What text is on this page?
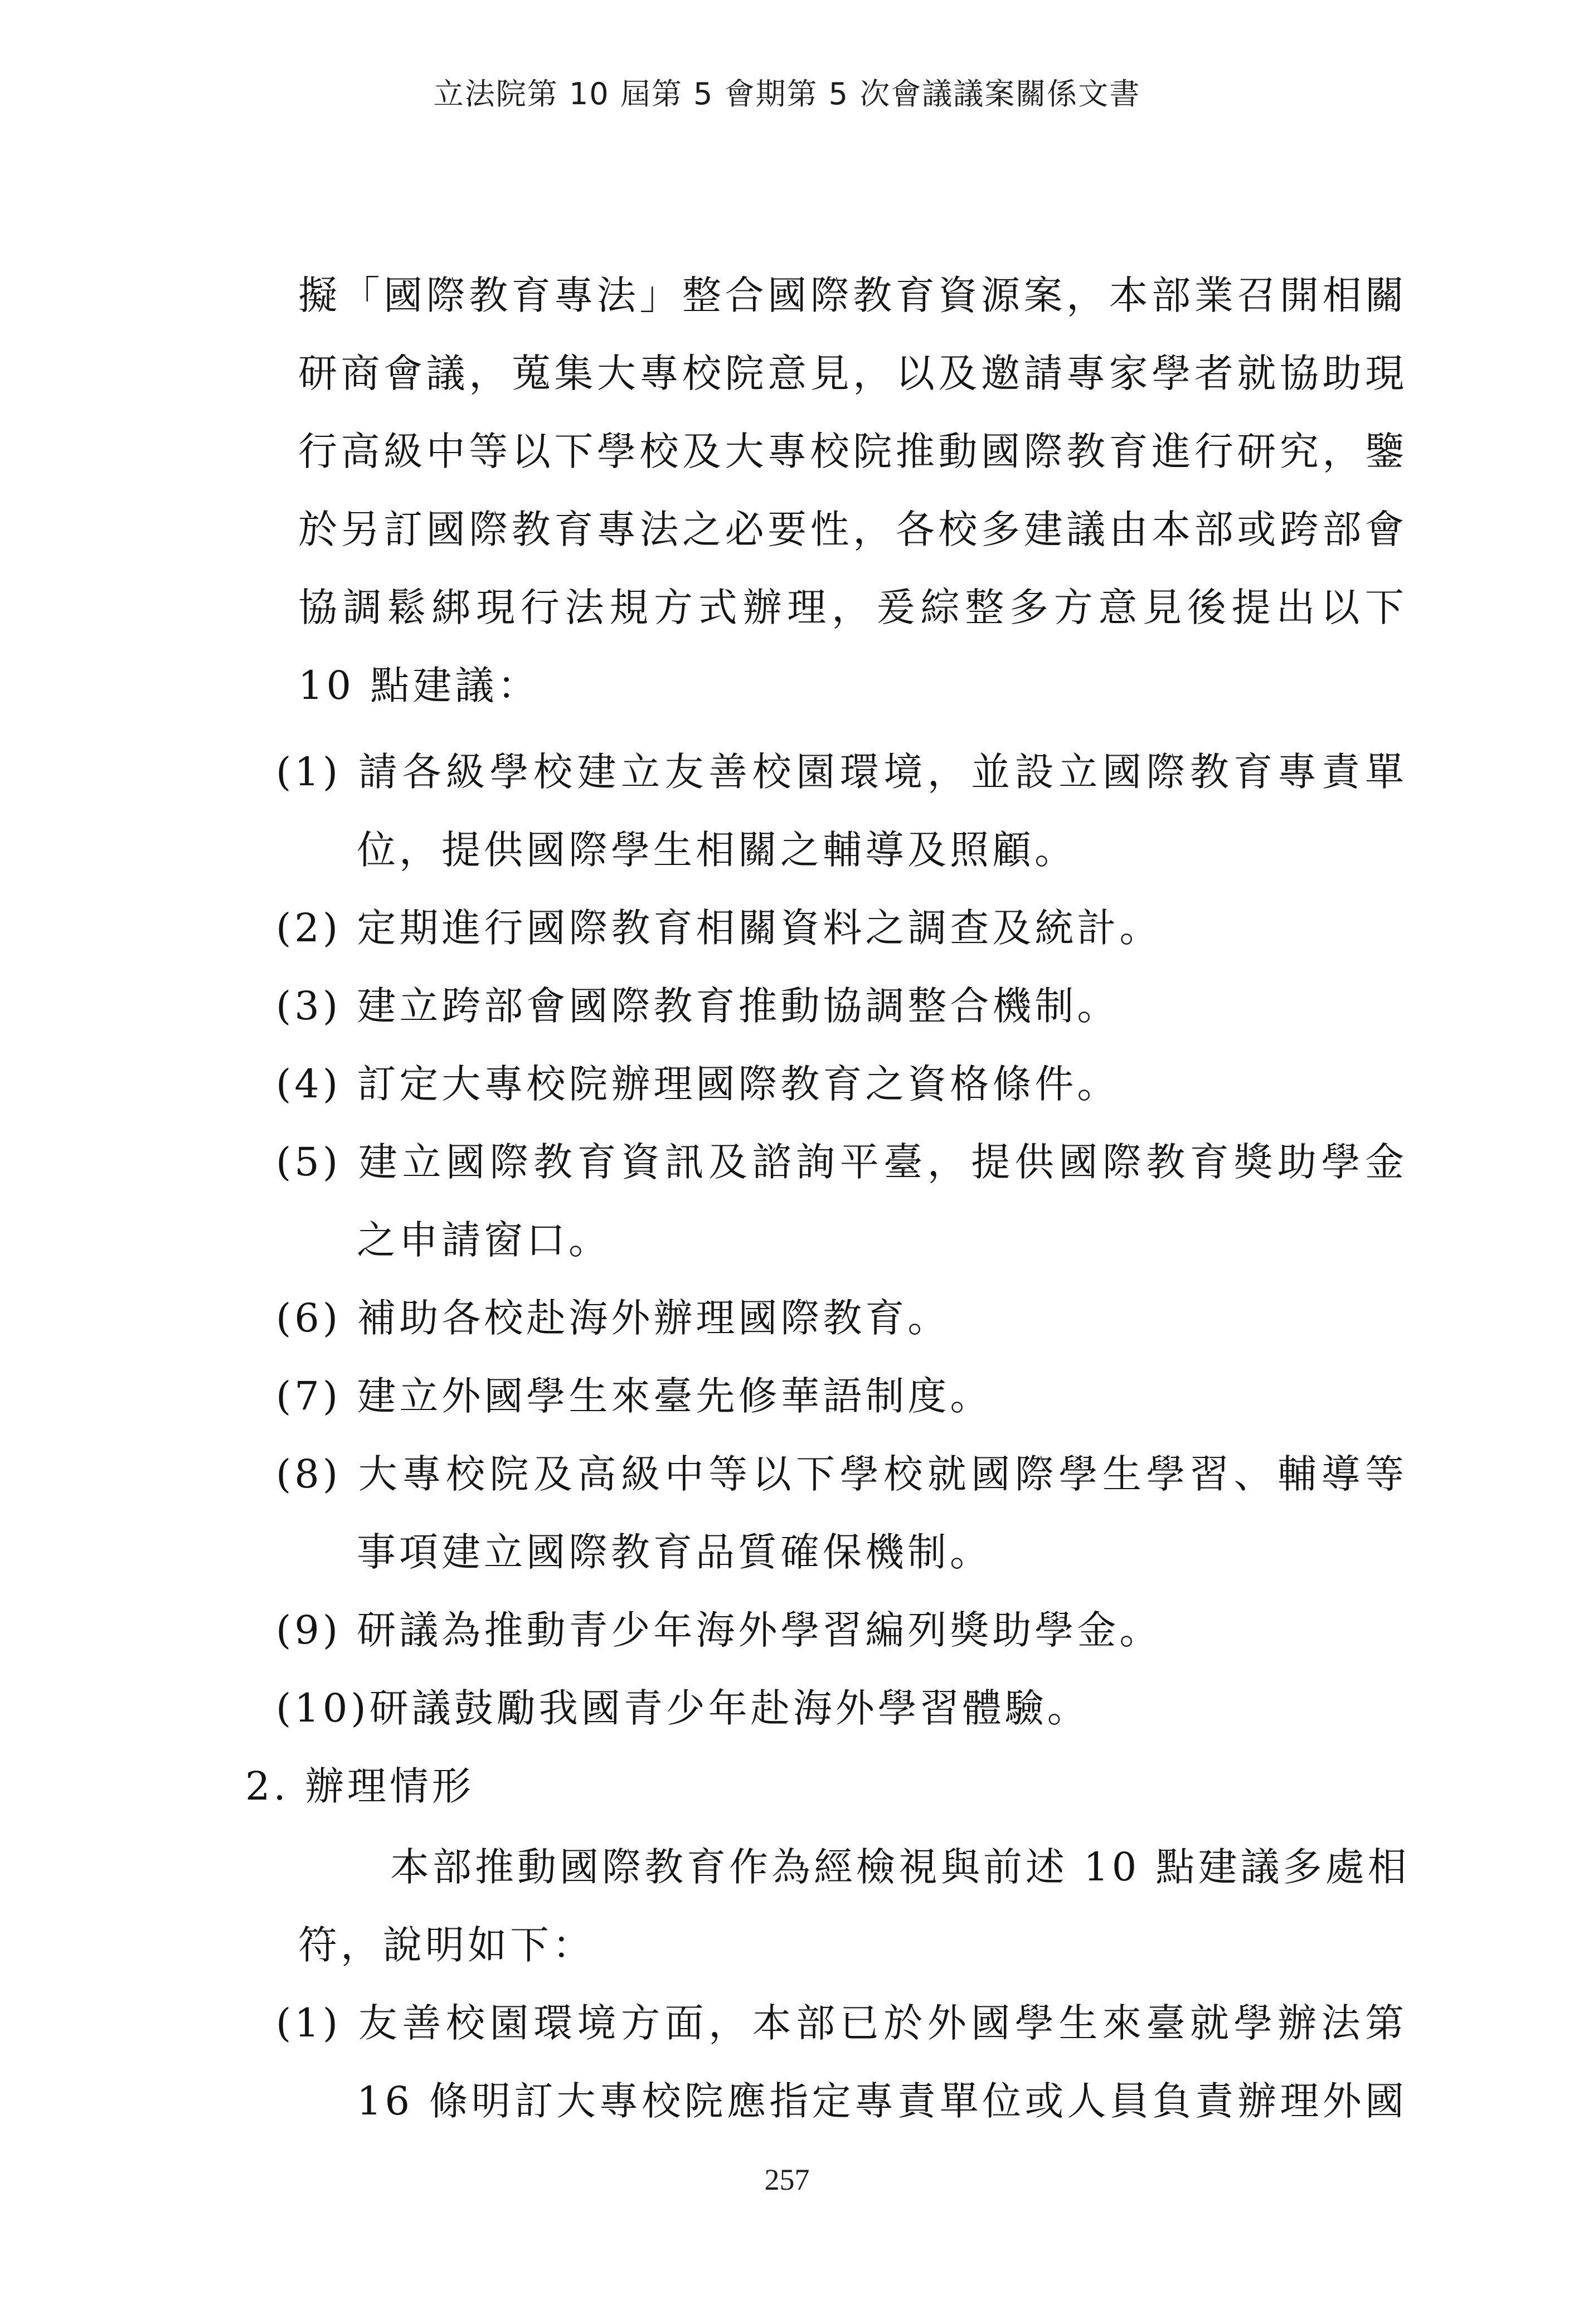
立法院第 10 屆第 5 會期第 5 次會議議案關係文書
擬「國際教育專法」整合國際教育資源案，本部業召開相關
研商會議，蒐集大專校院意見，以及邀請專家學者就協助現
行高級中等以下學校及大專校院推動國際教育進行研究，鑒
於另訂國際教育專法之必要性，各校多建議由本部或跨部會
協調鬆綁現行法規方式辦理，爰綜整多方意見後提出以下
10 點建議：
(1) 請各級學校建立友善校園環境，並設立國際教育專責單
位，提供國際學生相關之輔導及照顧。
(2) 定期進行國際教育相關資料之調查及統計。
(3) 建立跨部會國際教育推動協調整合機制。
(4) 訂定大專校院辦理國際教育之資格條件。
(5) 建立國際教育資訊及諮詢平臺，提供國際教育獎助學金
之申請窗口。
(6) 補助各校赴海外辦理國際教育。
(7) 建立外國學生來臺先修華語制度。
(8) 大專校院及高級中等以下學校就國際學生學習、輔導等
事項建立國際教育品質確保機制。
(9) 研議為推動青少年海外學習編列獎助學金。
(10)研議鼓勵我國青少年赴海外學習體驗。
2. 辦理情形
本部推動國際教育作為經檢視與前述 10 點建議多處相
符，說明如下：
(1) 友善校園環境方面，本部已於外國學生來臺就學辦法第
16 條明訂大專校院應指定專責單位或人員負責辦理外國
257
